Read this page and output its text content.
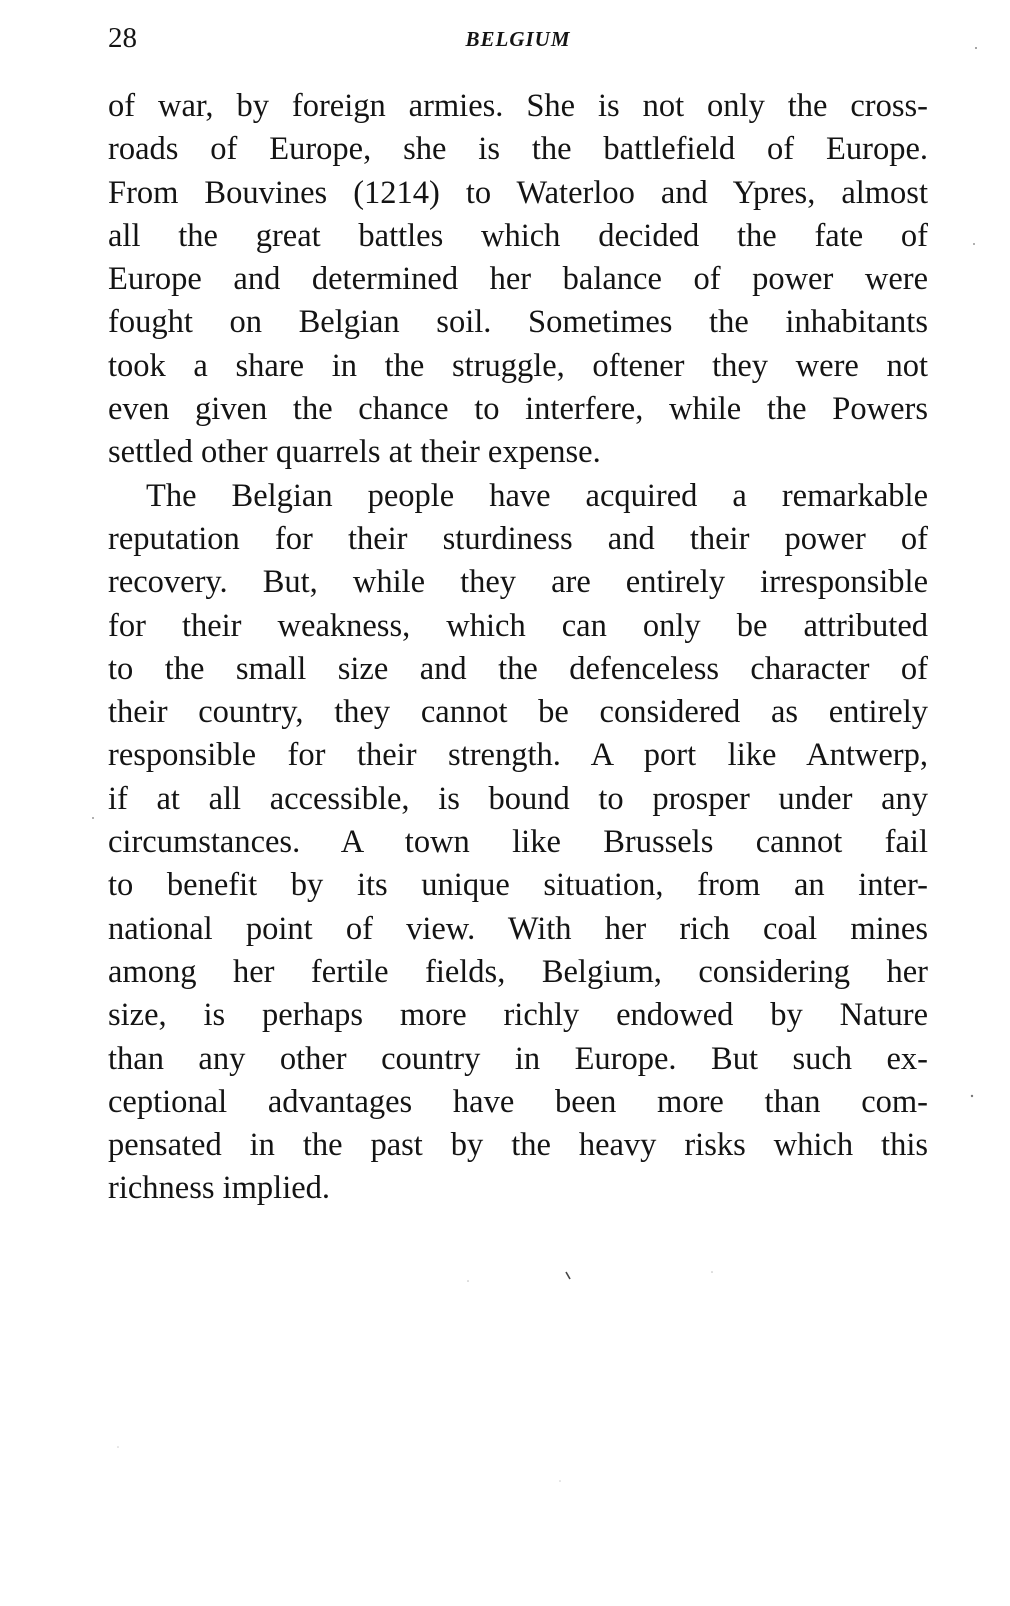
28	BELGIUM
of war, by foreign armies. She is not only the cross-
roads of Europe, she is the battlefield of Europe.
From Bouvines (1214) to Waterloo and Ypres, almost
all the great battles which decided the fate of
Europe and determined her balance of power were
fought on Belgian soil. Sometimes the inhabitants
took a share in the struggle, oftener they were not
even given the chance to interfere, while the Powers
settled other quarrels at their expense.
The Belgian people have acquired a remarkable
reputation for their sturdiness and their power of
recovery. But, while they are entirely irresponsible
for their weakness, which can only be attributed
to the small size and the defenceless character of
their country, they cannot be considered as entirely
responsible for their strength. A port like Antwerp,
if at all accessible, is bound to prosper under any
circumstances. A town like Brussels cannot fail
to benefit by its unique situation, from an inter-
national point of view. With her rich coal mines
among her fertile fields, Belgium, considering her
size, is perhaps more richly endowed by Nature
than any other country in Europe. But such ex-
ceptional advantages have been more than com-
pensated in the past by the heavy risks which this
richness implied.
